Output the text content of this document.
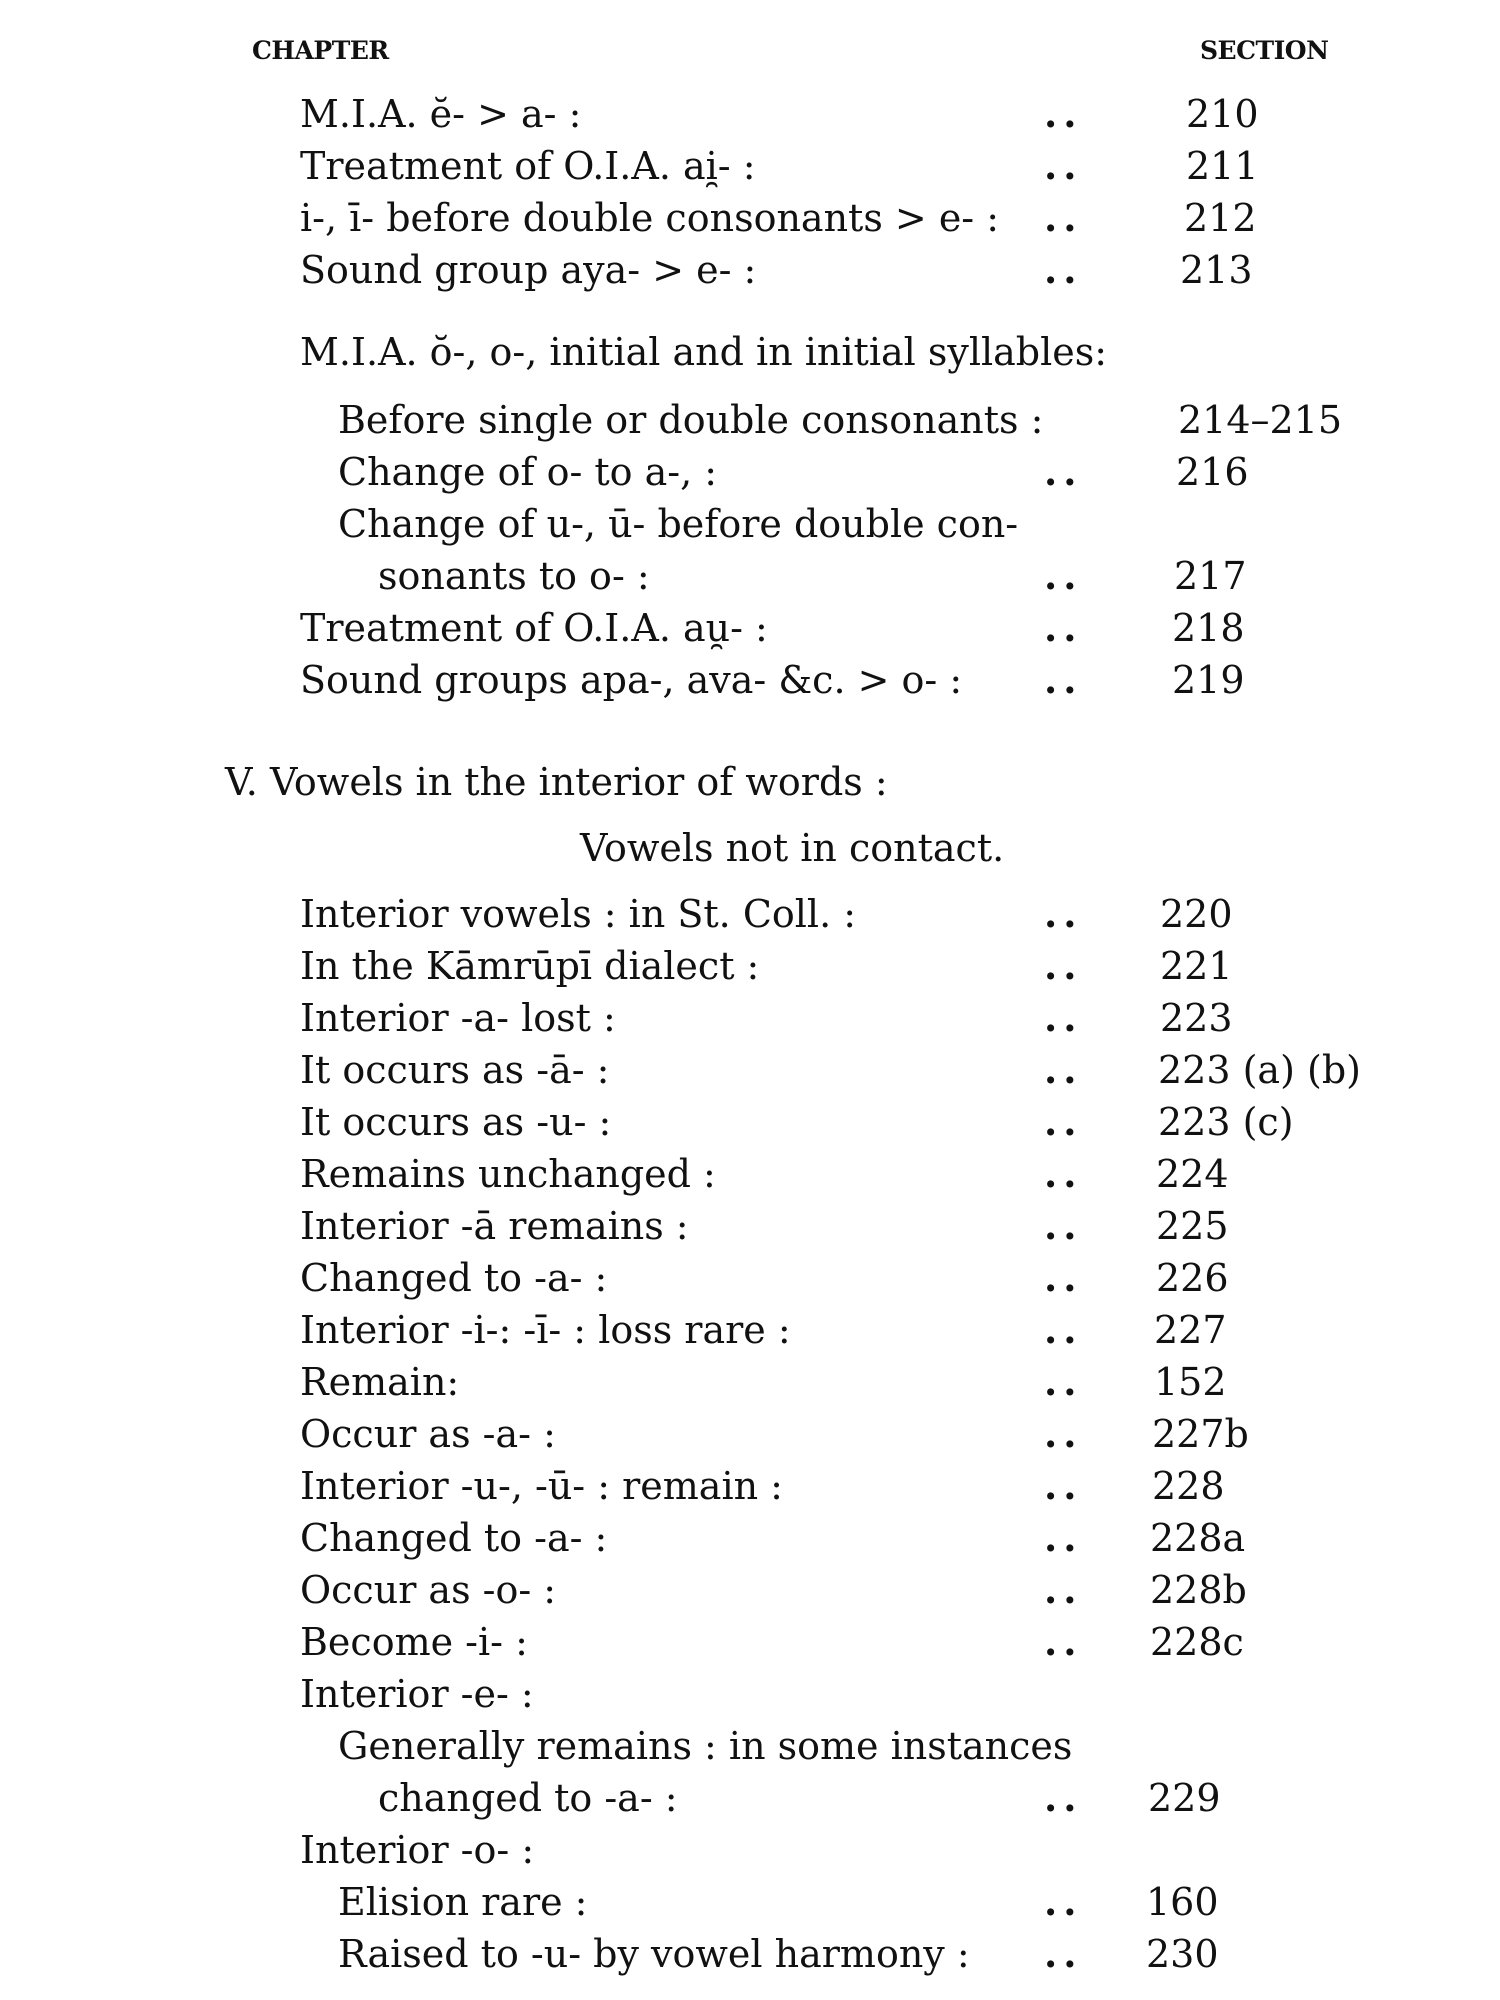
CHAPTER	SECTION
M.I.A. ĕ- > a- :	..	210
Treatment of O.I.A. ai̯- :	..	211
i-, ī- before double consonants > e- : ..	212
Sound group aya- > e- :	..	213
M.I.A. ŏ-, o-, initial and in initial syllables:
Before single or double consonants :	214–215
Change of o- to a-, :	.. 216
Change of u-, ū- before double con-
sonants to o- :	.. 217
Treatment of O.I.A. au̯- :	.. 218
Sound groups apa-, ava- &c. > o- : .. 219
V. Vowels in the interior of words :
Vowels not in contact.
Interior vowels : in St. Coll. :	.. 220
In the Kāmrūpī dialect :	.. 221
Interior -a- lost :	.. 223
It occurs as -ā- :	.. 223 (a) (b)
It occurs as -u- :	.. 223 (c)
Remains unchanged :	.. 224
Interior -ā remains :	.. 225
Changed to -a- :	.. 226
Interior -i-: -ī- : loss rare :	.. 227
Remain:	.. 152
Occur as -a- :	.. 227b
Interior -u-, -ū- : remain :	.. 228
Changed to -a- :	.. 228a
Occur as -o- :	.. 228b
Become -i- :	.. 228c
Interior -e- :
Generally remains : in some instances
changed to -a- :	.. 229
Interior -o- :
Elision rare :	.. 160
Raised to -u- by vowel harmony : .. 230
